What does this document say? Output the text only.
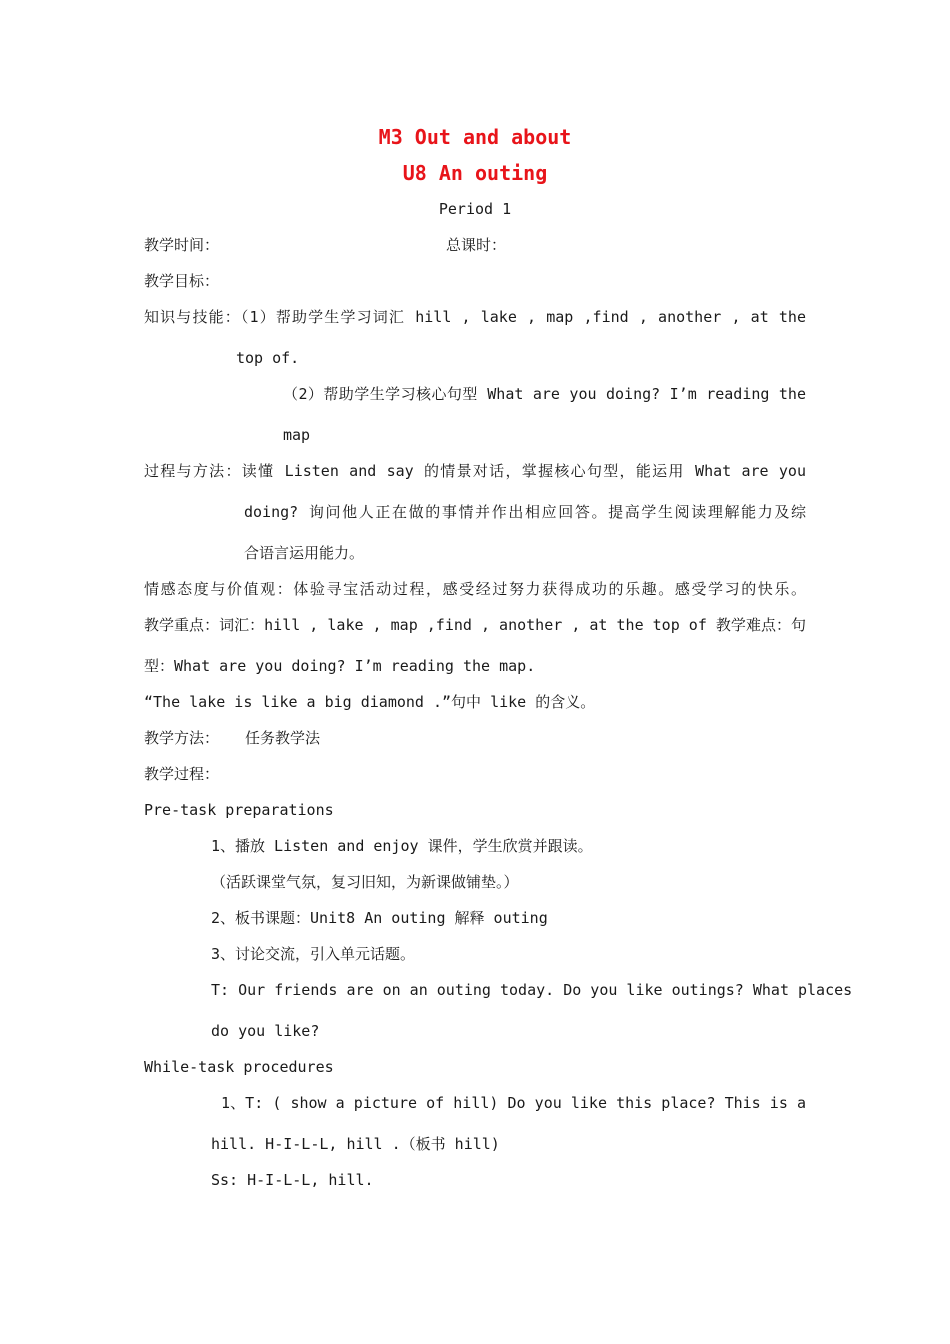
M3 Out and about
U8 An outing
Period 1
教学时间：	总课时：
教学目标：
知识与技能：（1）帮助学生学习词汇 hill , lake , map ,find , another , at the
top of.
（2）帮助学生学习核心句型 What are you doing? I’m reading the
map
过程与方法：读懂 Listen and say 的情景对话，掌握核心句型，能运用 What are you
doing? 询问他人正在做的事情并作出相应回答。提高学生阅读理解能力及综
合语言运用能力。
情感态度与价值观：体验寻宝活动过程，感受经过努力获得成功的乐趣。感受学习的快乐。
教学重点：词汇：hill , lake , map ,find , another , at the top of 教学难点：句
型：What are you doing? I’m reading the map.
“The lake is like a big diamond .”句中 like 的含义。
教学方法： 任务教学法
教学过程：
Pre-task preparations
1、播放 Listen and enjoy 课件，学生欣赏并跟读。
（活跃课堂气氛，复习旧知，为新课做铺垫。）
2、板书课题：Unit8 An outing 解释 outing
3、讨论交流，引入单元话题。
T: Our friends are on an outing today. Do you like outings? What places
do you like?
While-task procedures
1、T: ( show a picture of hill) Do you like this place? This is a
hill. H-I-L-L, hill .（板书 hill)
Ss: H-I-L-L, hill.
